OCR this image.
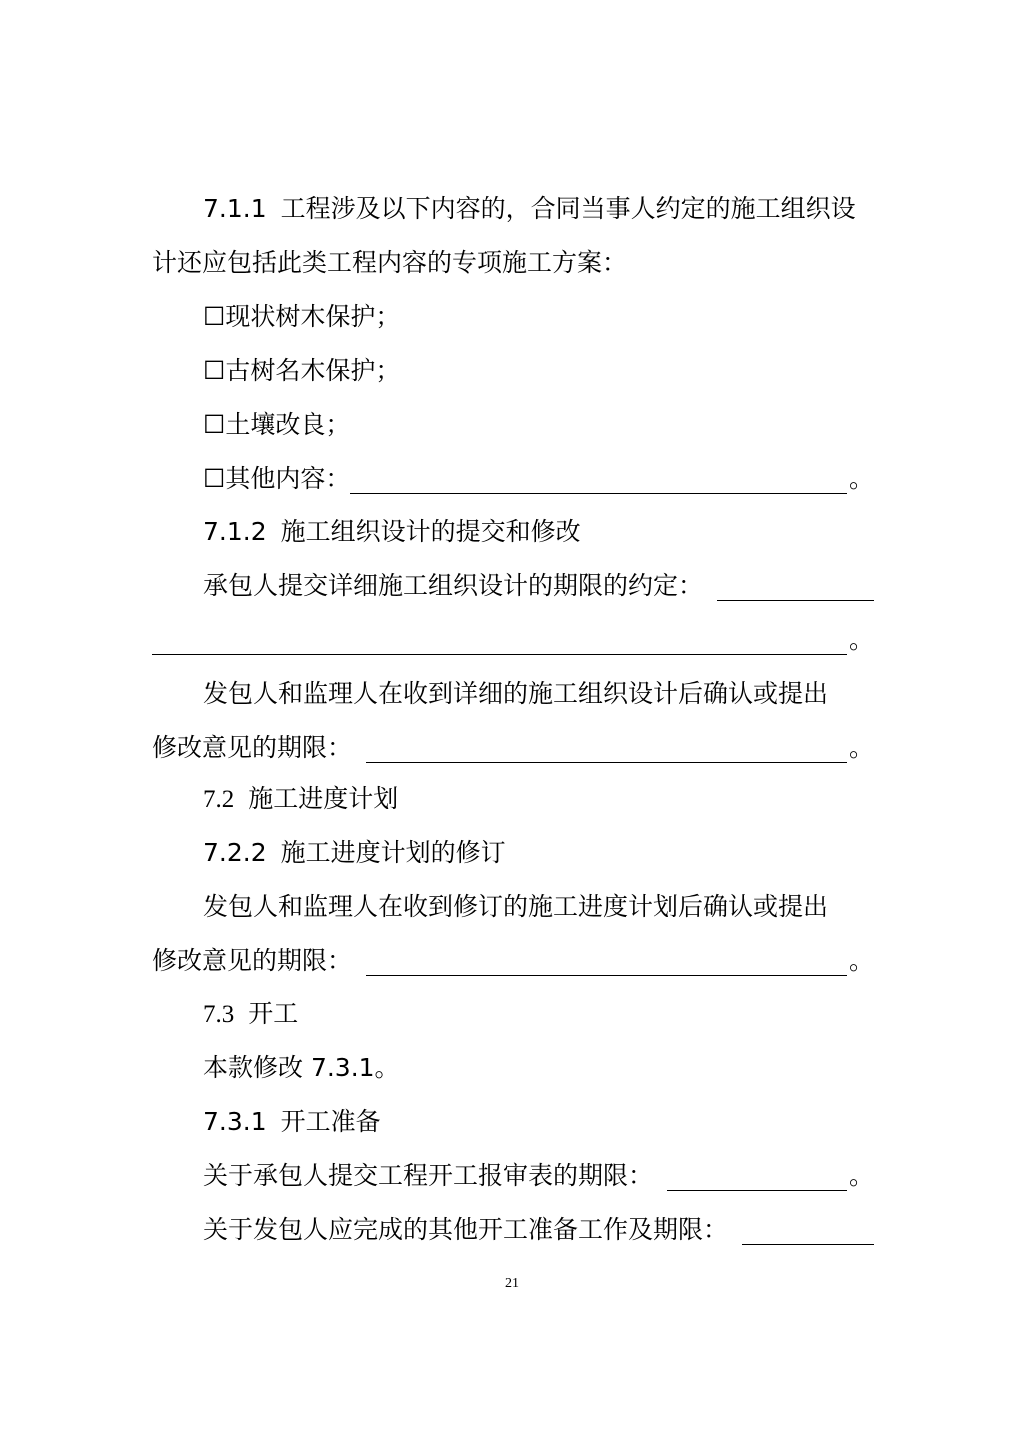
7.1.1 工程涉及以下内容的，合同当事人约定的施工组织设
计还应包括此类工程内容的专项施工方案：
☐现状树木保护；
☐古树名木保护；
☐土壤改良；
☐其他内容：	。
7.1.2 施工组织设计的提交和修改
承包人提交详细施工组织设计的期限的约定：
。
发包人和监理人在收到详细的施工组织设计后确认或提出
修改意见的期限：	。
7.2 施工进度计划
7.2.2 施工进度计划的修订
发包人和监理人在收到修订的施工进度计划后确认或提出
修改意见的期限：	。
7.3 开工
本款修改 7.3.1。
7.3.1 开工准备
关于承包人提交工程开工报审表的期限：	。
关于发包人应完成的其他开工准备工作及期限：
21
